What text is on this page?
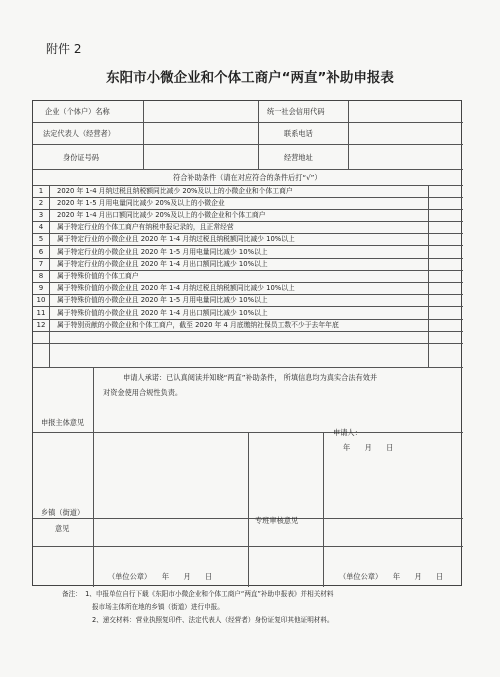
附件 2
东阳市小微企业和个体工商户“两直”补助申报表
企业（个体户）名称	统一社会信用代码
法定代表人（经营者）	联系电话
身份证号码	经营地址
符合补助条件（请在对应符合的条件后打“√”）
1	2020 年 1-4 月纳过税且纳税额同比减少 20%及以上的小微企业和个体工商户
2	2020 年 1-5 月用电量同比减少 20%及以上的小微企业
3	2020 年 1-4 月出口额同比减少 20%及以上的小微企业和个体工商户
4	属于特定行业的个体工商户有纳税申报记录的，且正常经营
5	属于特定行业的小微企业且 2020 年 1-4 月纳过税且纳税额同比减少 10%以上
6	属于特定行业的小微企业且 2020 年 1-5 月用电量同比减少 10%以上
7	属于特定行业的小微企业且 2020 年 1-4 月出口额同比减少 10%以上
8	属于特殊价值的个体工商户
9	属于特殊价值的小微企业且 2020 年 1-4 月纳过税且纳税额同比减少 10%以上
10	属于特殊价值的小微企业且 2020 年 1-5 月用电量同比减少 10%以上
11	属于特殊价值的小微企业且 2020 年 1-4 月出口额同比减少 10%以上
12	属于特别贡献的小微企业和个体工商户，截至 2020 年 4 月底缴纳社保员工数不少于去年年底
申报主体意见
申请人承诺：已认真阅读并知晓“两直”补助条件， 所填信息均为真实合法有效并
对资金使用合规性负责。
申请人：
年　　月　　日
乡镇（街道）
意见
专班审核意见
（单位公章）　　年　　月　　日	（单位公章）　　年　　月　　日
备注：　1、申报单位自行下载《东阳市小微企业和个体工商户“两直”补助申报表》并相关材料
报市场主体所在地的乡镇（街道）进行申报。
2、递交材料：营业执照复印件、法定代表人（经营者）身份证复印其他证明材料。
